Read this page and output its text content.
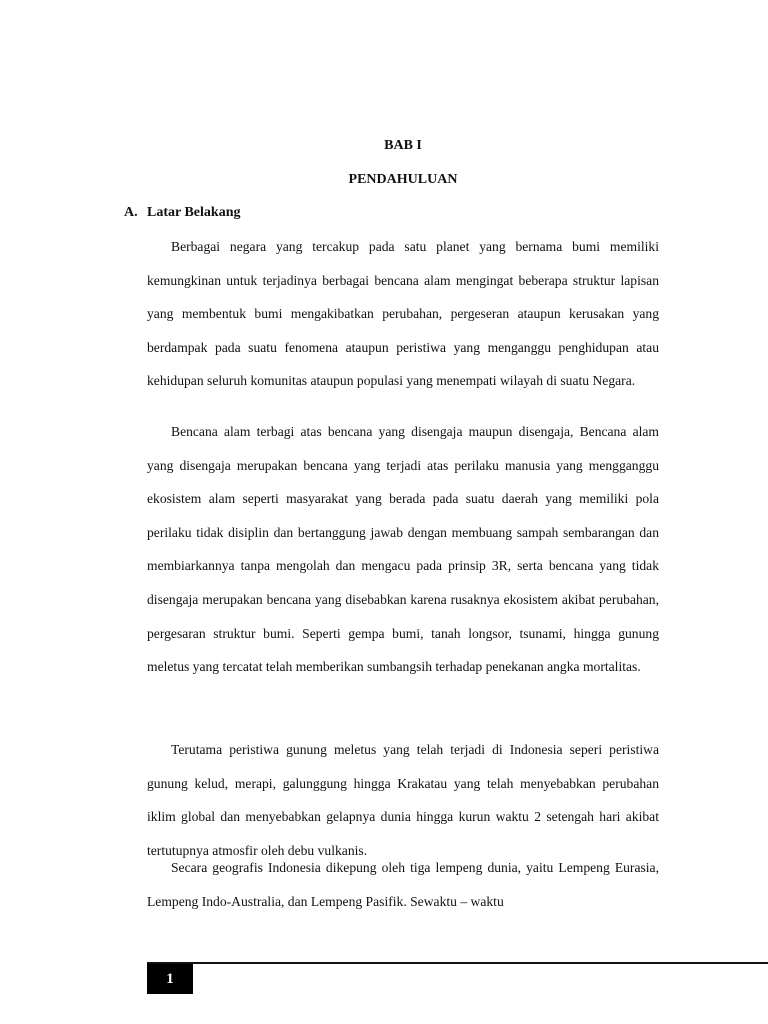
BAB I
PENDAHULUAN
A. Latar Belakang

Berbagai negara yang tercakup pada satu planet yang bernama bumi memiliki kemungkinan untuk terjadinya berbagai bencana alam mengingat beberapa struktur lapisan yang membentuk bumi mengakibatkan perubahan, pergeseran ataupun kerusakan yang berdampak pada suatu fenomena ataupun peristiwa yang menganggu penghidupan atau kehidupan seluruh komunitas ataupun populasi yang menempati wilayah di suatu Negara.

Bencana alam terbagi atas bencana yang disengaja maupun disengaja, Bencana alam yang disengaja merupakan bencana yang terjadi atas perilaku manusia yang mengganggu ekosistem alam seperti masyarakat yang berada pada suatu daerah yang memiliki pola perilaku tidak disiplin dan bertanggung jawab dengan membuang sampah sembarangan dan membiarkannya tanpa mengolah dan mengacu pada prinsip 3R, serta bencana yang tidak disengaja merupakan bencana yang disebabkan karena rusaknya ekosistem akibat perubahan, pergesaran struktur bumi. Seperti gempa bumi, tanah longsor, tsunami, hingga gunung meletus yang tercatat telah memberikan sumbangsih terhadap penekanan angka mortalitas.

Terutama peristiwa gunung meletus yang telah terjadi di Indonesia seperi peristiwa gunung kelud, merapi, galunggung hingga Krakatau yang telah menyebabkan perubahan iklim global dan menyebabkan gelapnya dunia hingga kurun waktu 2 setengah hari akibat tertutupnya atmosfir oleh debu vulkanis.

Secara geografis Indonesia dikepung oleh tiga lempeng dunia, yaitu Lempeng Eurasia, Lempeng Indo-Australia, dan Lempeng Pasifik. Sewaktu – waktu

1
